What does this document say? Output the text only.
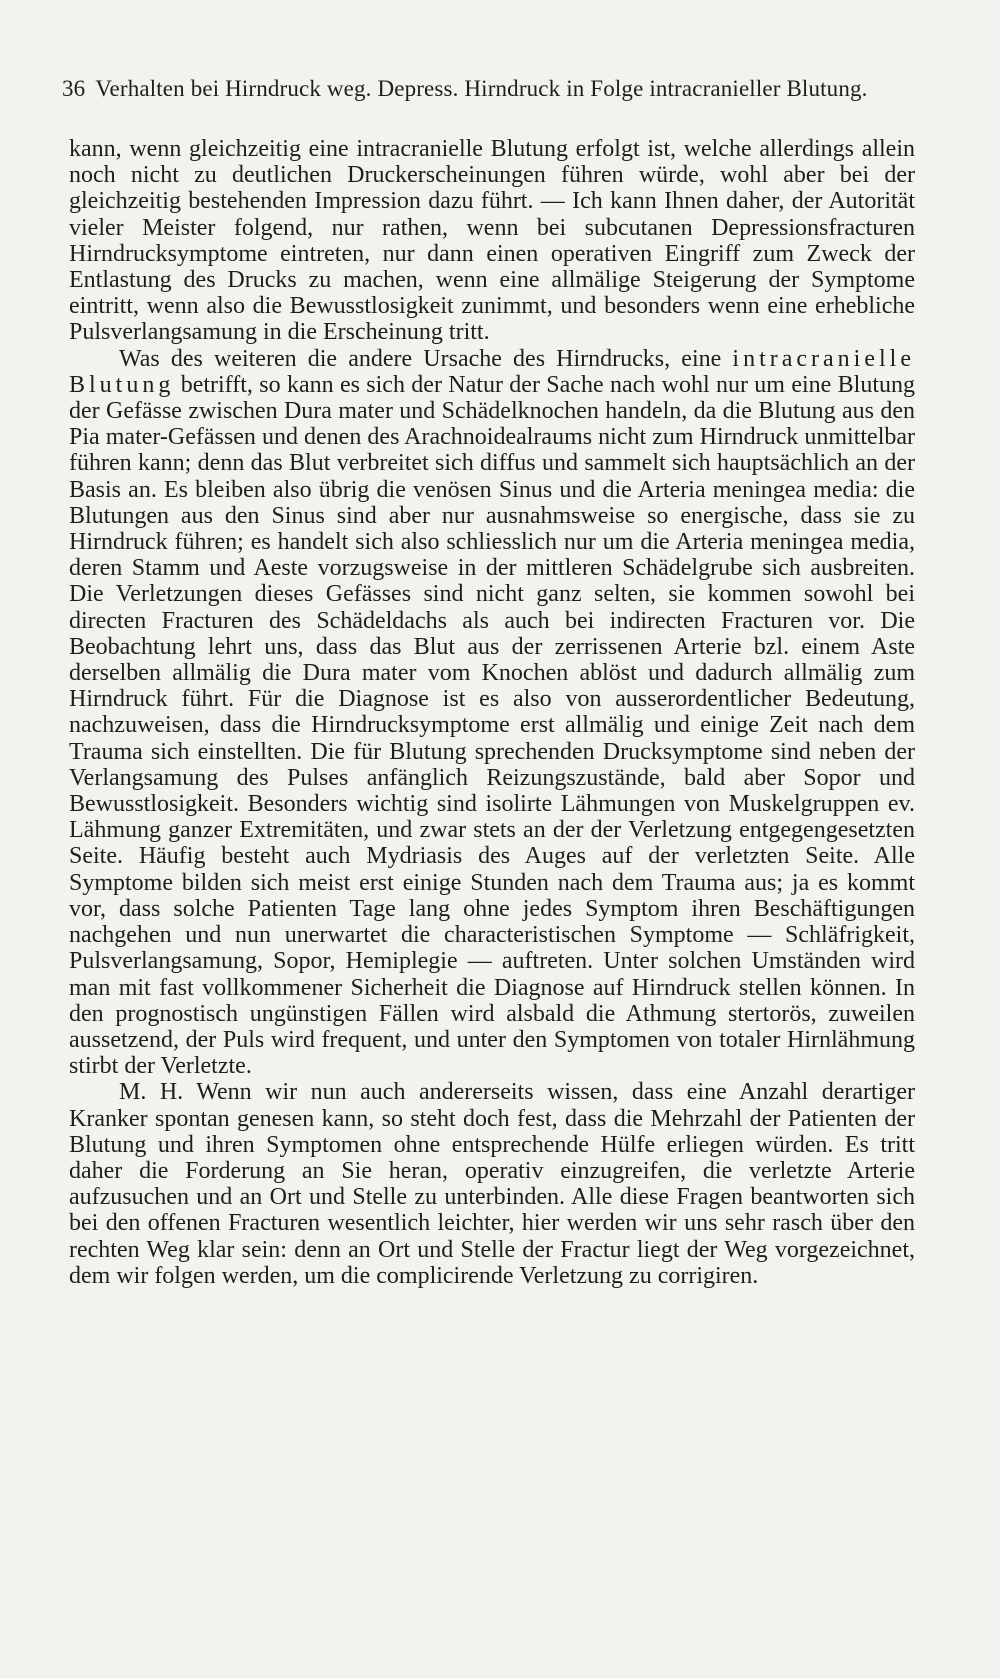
36 Verhalten bei Hirndruck weg. Depress. Hirndruck in Folge intracranieller Blutung.

kann, wenn gleichzeitig eine intracranielle Blutung erfolgt ist, welche allerdings allein noch nicht zu deutlichen Druckerscheinungen führen würde, wohl aber bei der gleichzeitig bestehenden Impression dazu führt. — Ich kann Ihnen daher, der Autorität vieler Meister folgend, nur rathen, wenn bei subcutanen Depressionsfracturen Hirndrucksymptome eintreten, nur dann einen operativen Eingriff zum Zweck der Entlastung des Drucks zu machen, wenn eine allmälige Steigerung der Symptome eintritt, wenn also die Bewusstlosigkeit zunimmt, und besonders wenn eine erhebliche Pulsverlangsamung in die Erscheinung tritt.

Was des weiteren die andere Ursache des Hirndrucks, eine intracranielle Blutung betrifft, so kann es sich der Natur der Sache nach wohl nur um eine Blutung der Gefässe zwischen Dura mater und Schädelknochen handeln, da die Blutung aus den Pia mater-Gefässen und denen des Arachnoidealraums nicht zum Hirndruck unmittelbar führen kann; denn das Blut verbreitet sich diffus und sammelt sich hauptsächlich an der Basis an. Es bleiben also übrig die venösen Sinus und die Arteria meningea media: die Blutungen aus den Sinus sind aber nur ausnahmsweise so energische, dass sie zu Hirndruck führen; es handelt sich also schliesslich nur um die Arteria meningea media, deren Stamm und Aeste vorzugsweise in der mittleren Schädelgrube sich ausbreiten. Die Verletzungen dieses Gefässes sind nicht ganz selten, sie kommen sowohl bei directen Fracturen des Schädeldachs als auch bei indirecten Fracturen vor. Die Beobachtung lehrt uns, dass das Blut aus der zerrissenen Arterie bzl. einem Aste derselben allmälig die Dura mater vom Knochen ablöst und dadurch allmälig zum Hirndruck führt. Für die Diagnose ist es also von ausserordentlicher Bedeutung, nachzuweisen, dass die Hirndrucksymptome erst allmälig und einige Zeit nach dem Trauma sich einstellten. Die für Blutung sprechenden Drucksymptome sind neben der Verlangsamung des Pulses anfänglich Reizungszustände, bald aber Sopor und Bewusstlosigkeit. Besonders wichtig sind isolirte Lähmungen von Muskelgruppen ev. Lähmung ganzer Extremitäten, und zwar stets an der der Verletzung entgegengesetzten Seite. Häufig besteht auch Mydriasis des Auges auf der verletzten Seite. Alle Symptome bilden sich meist erst einige Stunden nach dem Trauma aus; ja es kommt vor, dass solche Patienten Tage lang ohne jedes Symptom ihren Beschäftigungen nachgehen und nun unerwartet die characteristischen Symptome — Schläfrigkeit, Pulsverlangsamung, Sopor, Hemiplegie — auftreten. Unter solchen Umständen wird man mit fast vollkommener Sicherheit die Diagnose auf Hirndruck stellen können. In den prognostisch ungünstigen Fällen wird alsbald die Athmung stertorös, zuweilen aussetzend, der Puls wird frequent, und unter den Symptomen von totaler Hirnlähmung stirbt der Verletzte.

M. H. Wenn wir nun auch andererseits wissen, dass eine Anzahl derartiger Kranker spontan genesen kann, so steht doch fest, dass die Mehrzahl der Patienten der Blutung und ihren Symptomen ohne entsprechende Hülfe erliegen würden. Es tritt daher die Forderung an Sie heran, operativ einzugreifen, die verletzte Arterie aufzusuchen und an Ort und Stelle zu unterbinden. Alle diese Fragen beantworten sich bei den offenen Fracturen wesentlich leichter, hier werden wir uns sehr rasch über den rechten Weg klar sein: denn an Ort und Stelle der Fractur liegt der Weg vorgezeichnet, dem wir folgen werden, um die complicirende Verletzung zu corrigiren.
